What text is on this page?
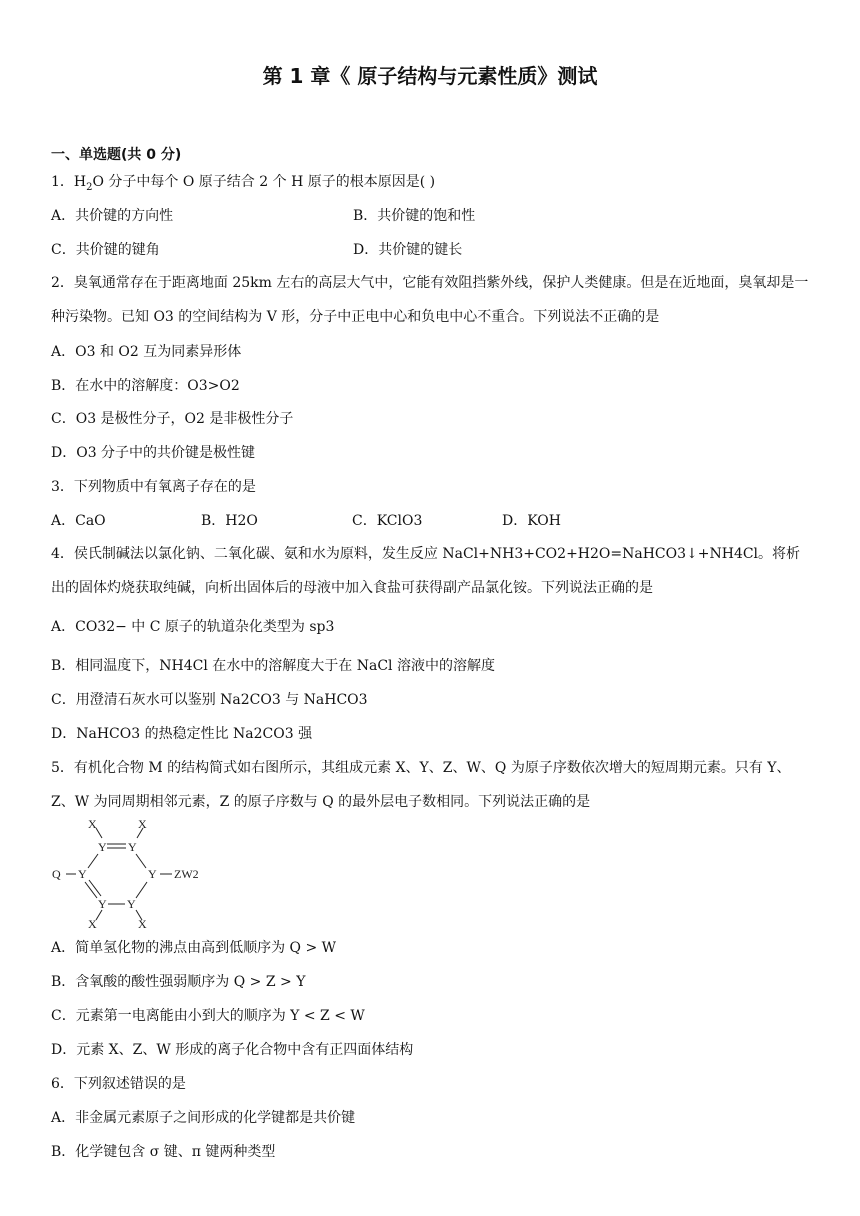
第 1 章《 原子结构与元素性质》测试
一、单选题(共 0 分)
1．$H_2O$ 分子中每个 O 原子结合 2 个 H 原子的根本原因是( )
A．共价键的方向性	B．共价键的饱和性
C．共价键的键角	D．共价键的键长
2．臭氧通常存在于距离地面 25km 左右的高层大气中，它能有效阻挡紫外线，保护人类健康。但是在近地面，臭氧却是一种污染物。已知 O3 的空间结构为 V 形，分子中正电中心和负电中心不重合。下列说法不正确的是
A．O3 和 O2 互为同素异形体
B．在水中的溶解度：O3>O2
C．O3 是极性分子，O2 是非极性分子
D．O3 分子中的共价键是极性键
3．下列物质中有氧离子存在的是
A．CaO	B．H2O	C．KClO3	D．KOH
4．侯氏制碱法以氯化钠、二氧化碳、氨和水为原料，发生反应 NaCl+NH3+CO2+H2O=NaHCO3↓+NH4Cl。将析出的固体灼烧获取纯碱，向析出固体后的母液中加入食盐可获得副产品氯化铵。下列说法正确的是
A．CO32− 中 C 原子的轨道杂化类型为 sp3
B．相同温度下，NH4Cl 在水中的溶解度大于在 NaCl 溶液中的溶解度
C．用澄清石灰水可以鉴别 Na2CO3 与 NaHCO3
D．NaHCO3 的热稳定性比 Na2CO3 强
5．有机化合物 M 的结构简式如右图所示，其组成元素 X、Y、Z、W、Q 为原子序数依次增大的短周期元素。只有 Y、Z、W 为同周期相邻元素，Z 的原子序数与 Q 的最外层电子数相同。下列说法正确的是
X	X
Y Y
Q Y	Y ZW2
Y Y
X	X
A．简单氢化物的沸点由高到低顺序为 Q > W
B．含氧酸的酸性强弱顺序为 Q > Z > Y
C．元素第一电离能由小到大的顺序为 Y < Z < W
D．元素 X、Z、W 形成的离子化合物中含有正四面体结构
6．下列叙述错误的是
A．非金属元素原子之间形成的化学键都是共价键
B．化学键包含 σ 键、π 键两种类型
